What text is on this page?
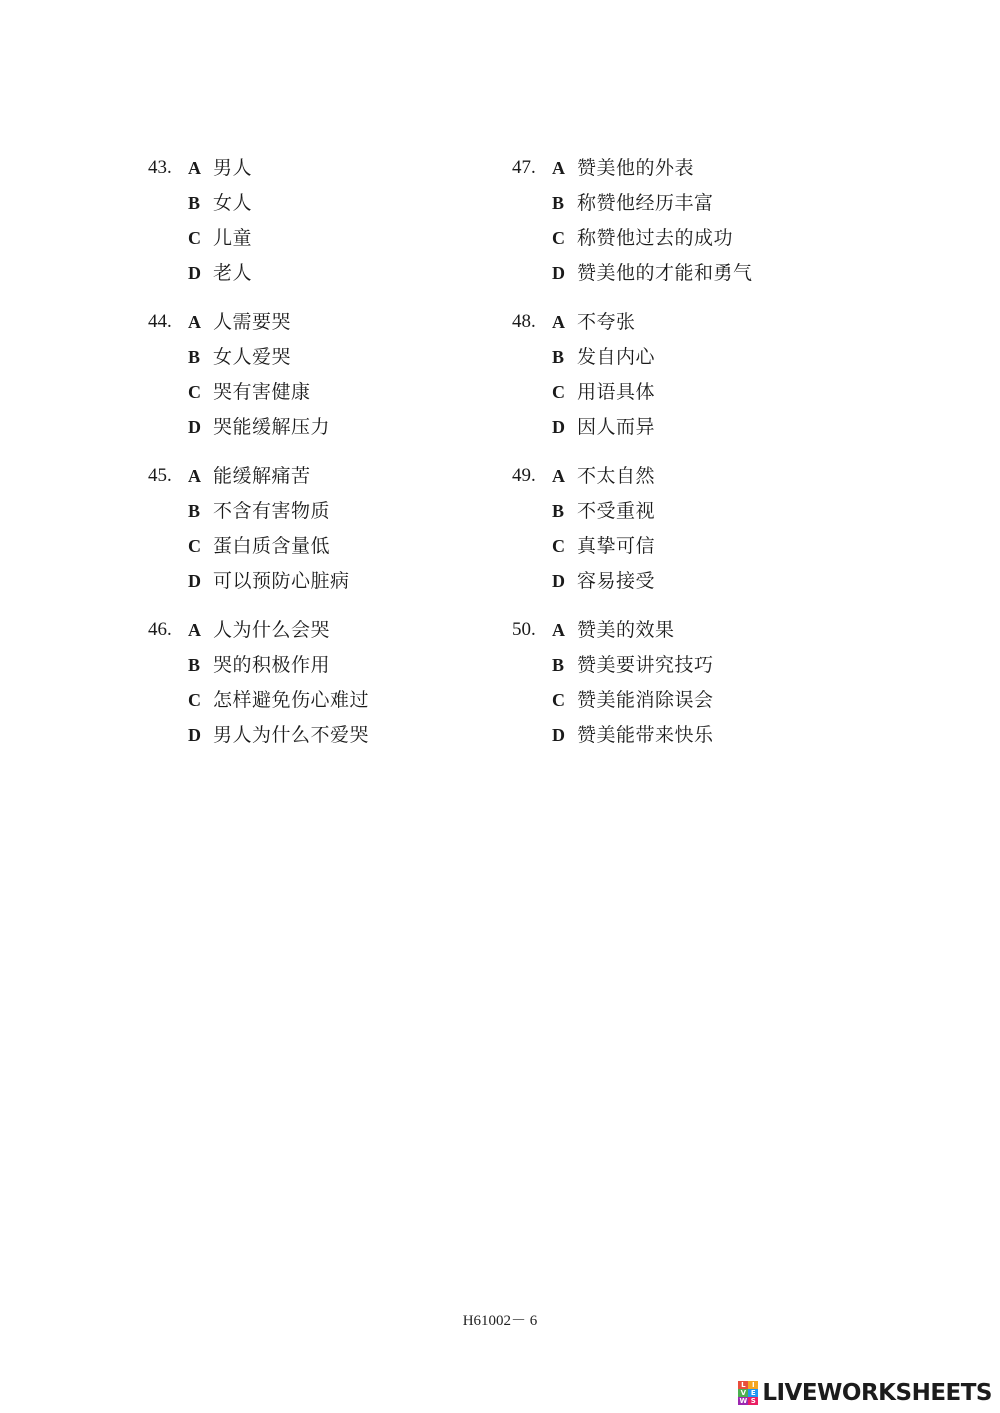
43. A 男人
B 女人
C 儿童
D 老人
44. A 人需要哭
B 女人爱哭
C 哭有害健康
D 哭能缓解压力
45. A 能缓解痛苦
B 不含有害物质
C 蛋白质含量低
D 可以预防心脏病
46. A 人为什么会哭
B 哭的积极作用
C 怎样避免伤心难过
D 男人为什么不爱哭
47. A 赞美他的外表
B 称赞他经历丰富
C 称赞他过去的成功
D 赞美他的才能和勇气
48. A 不夸张
B 发自内心
C 用语具体
D 因人而异
49. A 不太自然
B 不受重视
C 真挚可信
D 容易接受
50. A 赞美的效果
B 赞美要讲究技巧
C 赞美能消除误会
D 赞美能带来快乐
H61002－ 6
L I
V E
W S LIVEWORKSHEETS
